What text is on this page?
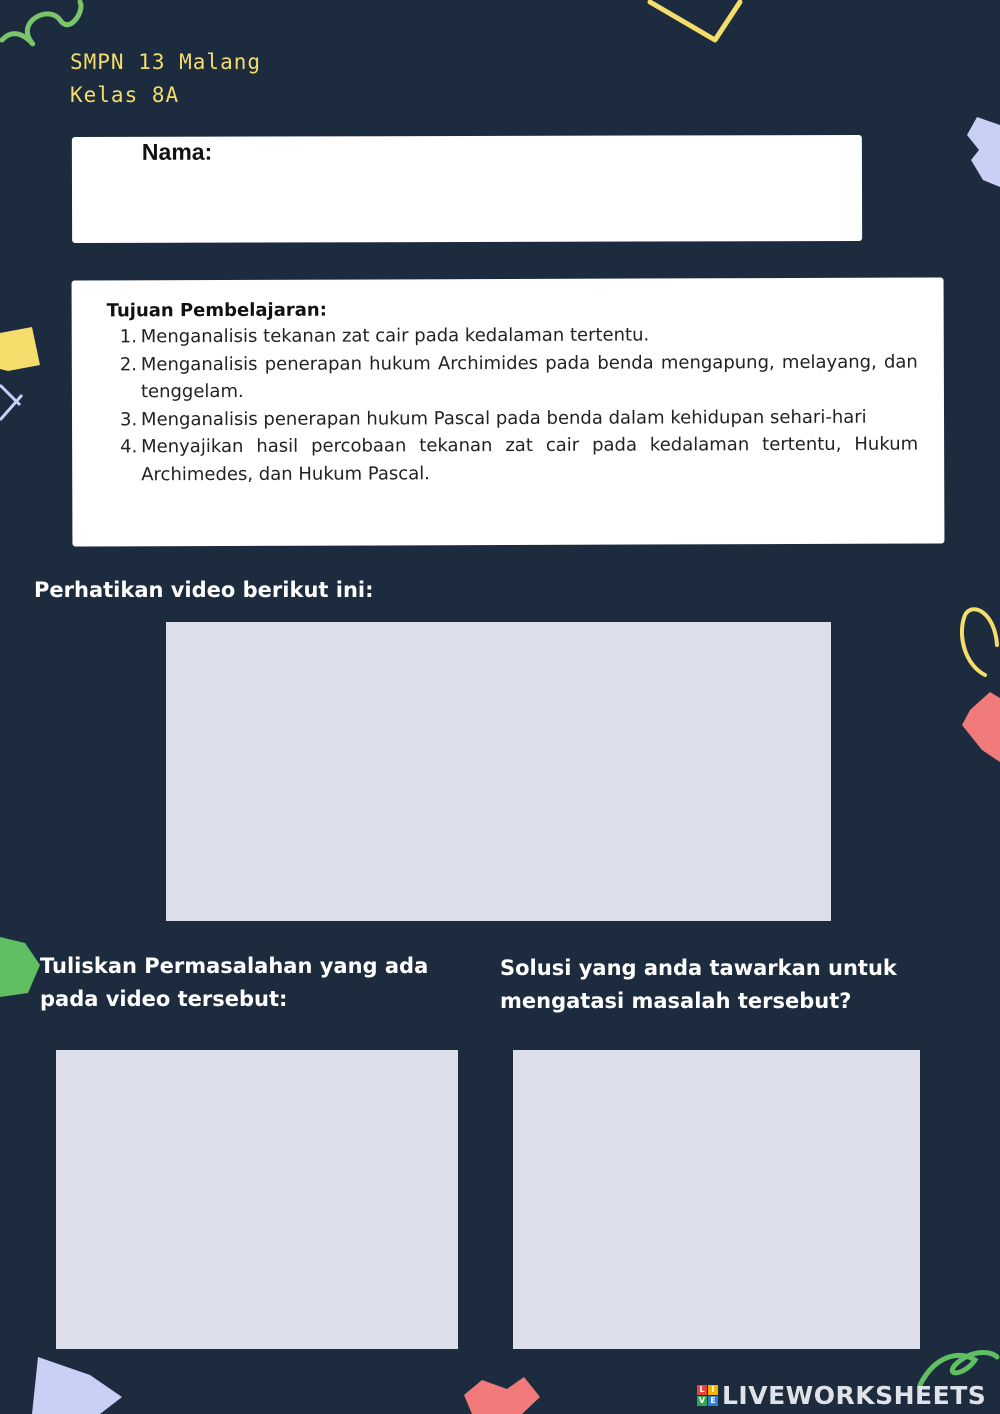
SMPN 13 Malang
Kelas 8A
Nama:
Tujuan Pembelajaran:
1. Menganalisis tekanan zat cair pada kedalaman tertentu.
2. Menganalisis penerapan hukum Archimides pada benda mengapung, melayang, dan tenggelam.
3. Menganalisis penerapan hukum Pascal pada benda dalam kehidupan sehari-hari
4. Menyajikan hasil percobaan tekanan zat cair pada kedalaman tertentu, Hukum Archimedes, dan Hukum Pascal.
Perhatikan video berikut ini:
Tuliskan Permasalahan yang ada
pada video tersebut:
Solusi yang anda tawarkan untuk
mengatasi masalah tersebut?
L I
V E LIVEWORKSHEETS
